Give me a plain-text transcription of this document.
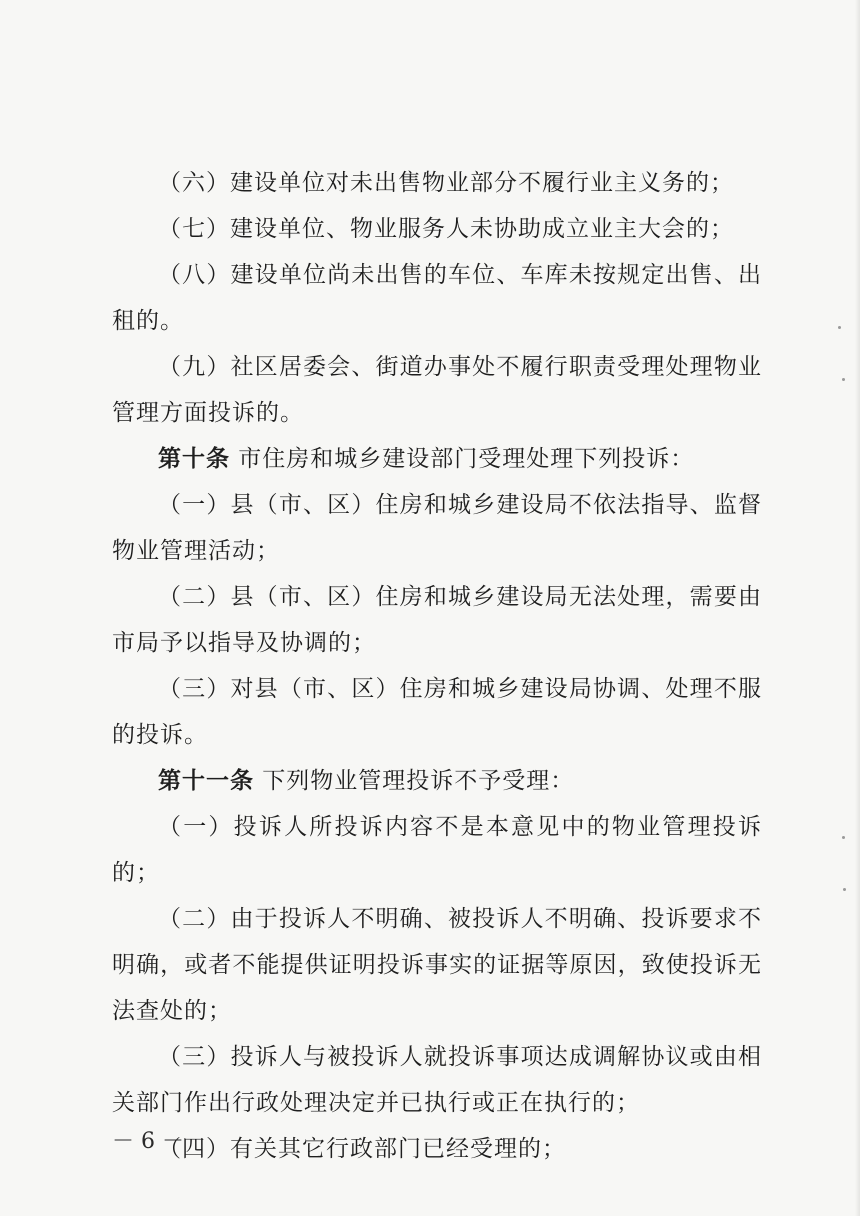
（六）建设单位对未出售物业部分不履行业主义务的；

（七）建设单位、物业服务人未协助成立业主大会的；

（八）建设单位尚未出售的车位、车库未按规定出售、出租的。

（九）社区居委会、街道办事处不履行职责受理处理物业管理方面投诉的。

第十条 市住房和城乡建设部门受理处理下列投诉：

（一）县（市、区）住房和城乡建设局不依法指导、监督物业管理活动；

（二）县（市、区）住房和城乡建设局无法处理，需要由市局予以指导及协调的；

（三）对县（市、区）住房和城乡建设局协调、处理不服的投诉。

第十一条 下列物业管理投诉不予受理：

（一）投诉人所投诉内容不是本意见中的物业管理投诉的；

（二）由于投诉人不明确、被投诉人不明确、投诉要求不明确，或者不能提供证明投诉事实的证据等原因，致使投诉无法查处的；

（三）投诉人与被投诉人就投诉事项达成调解协议或由相关部门作出行政处理决定并已执行或正在执行的；

（四）有关其它行政部门已经受理的；

－ 6 －
